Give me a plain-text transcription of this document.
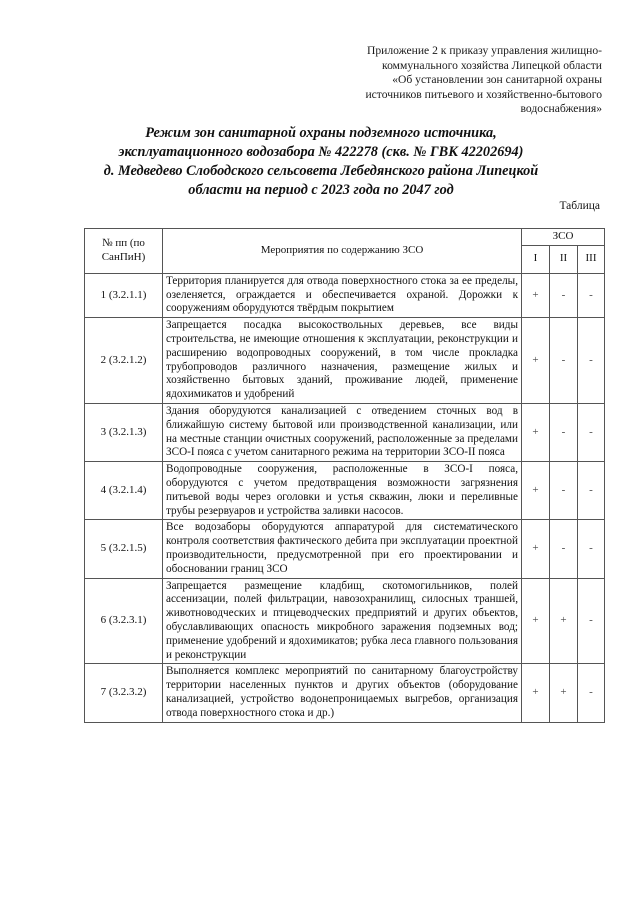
Приложение 2 к приказу управления жилищно-
коммунального хозяйства Липецкой области
«Об установлении зон санитарной охраны
источников питьевого и хозяйственно-бытового
водоснабжения»
Режим зон санитарной охраны подземного источника,
эксплуатационного водозабора № 422278 (скв. № ГВК 42202694)
д. Медведево Слободского сельсовета Лебедянского района Липецкой
области на период с 2023 года по 2047 год
Таблица
№ пп (по СанПиН)	Мероприятия по содержанию ЗСО	ЗСО		
		I	II	III
1 (3.2.1.1)	Территория планируется для отвода поверхностного стока за ее пределы, озеленяется, ограждается и обеспечивается охраной. Дорожки к сооружениям оборудуются твёрдым покрытием	+	-	-
2 (3.2.1.2)	Запрещается посадка высокоствольных деревьев, все виды строительства, не имеющие отношения к эксплуатации, реконструкции и расширению водопроводных сооружений, в том числе прокладка трубопроводов различного назначения, размещение жилых и хозяйственно бытовых зданий, проживание людей, применение ядохимикатов и удобрений	+	-	-
3 (3.2.1.3)	Здания оборудуются канализацией с отведением сточных вод в ближайшую систему бытовой или производственной канализации, или на местные станции очистных сооружений, расположенные за пределами ЗСО-I пояса с учетом санитарного режима на территории ЗСО-II пояса	+	-	-
4 (3.2.1.4)	Водопроводные сооружения, расположенные в ЗСО-I пояса, оборудуются с учетом предотвращения возможности загрязнения питьевой воды через оголовки и устья скважин, люки и переливные трубы резервуаров и устройства заливки насосов.	+	-	-
5 (3.2.1.5)	Все водозаборы оборудуются аппаратурой для систематического контроля соответствия фактического дебита при эксплуатации проектной производительности, предусмотренной при его проектировании и обосновании границ ЗСО	+	-	-
6 (3.2.3.1)	Запрещается размещение кладбищ, скотомогильников, полей ассенизации, полей фильтрации, навозохранилищ, силосных траншей, животноводческих и птицеводческих предприятий и других объектов, обуславливающих опасность микробного заражения подземных вод; применение удобрений и ядохимикатов; рубка леса главного пользования и реконструкции	+	+	-
7 (3.2.3.2)	Выполняется комплекс мероприятий по санитарному благоустройству территории населенных пунктов и других объектов (оборудование канализацией, устройство водонепроницаемых выгребов, организация отвода поверхностного стока и др.)	+	+	-
